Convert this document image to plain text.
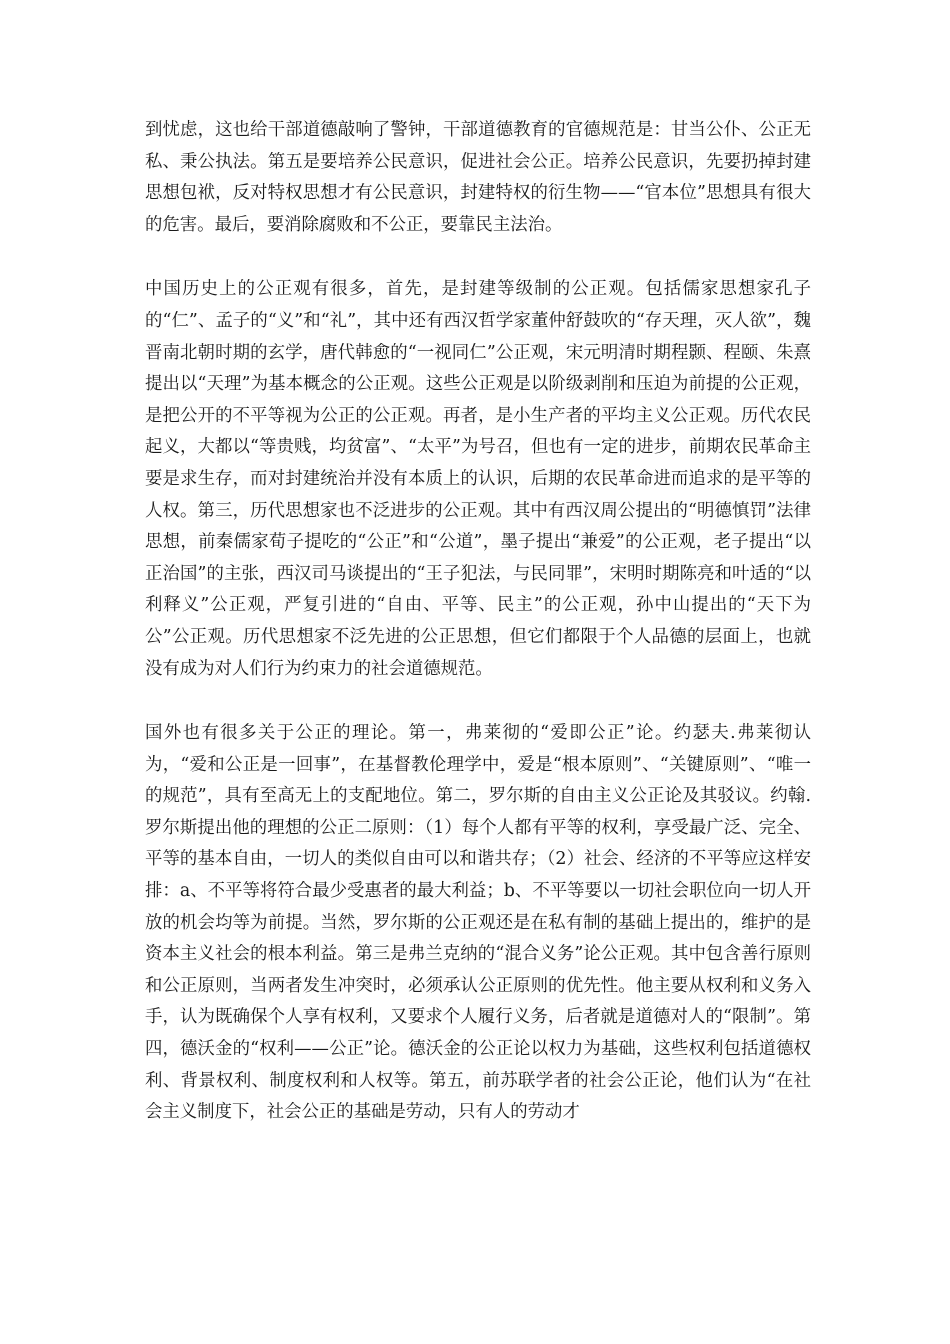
到忧虑，这也给干部道德敲响了警钟，干部道德教育的官德规范是：甘当公仆、公正无私、秉公执法。第五是要培养公民意识，促进社会公正。培养公民意识，先要扔掉封建思想包袱，反对特权思想才有公民意识，封建特权的衍生物——“官本位”思想具有很大的危害。最后，要消除腐败和不公正，要靠民主法治。

中国历史上的公正观有很多，首先，是封建等级制的公正观。包括儒家思想家孔子的“仁”、孟子的“义”和“礼”，其中还有西汉哲学家董仲舒鼓吹的“存天理，灭人欲”，魏晋南北朝时期的玄学，唐代韩愈的“一视同仁”公正观，宋元明清时期程颢、程颐、朱熹提出以“天理”为基本概念的公正观。这些公正观是以阶级剥削和压迫为前提的公正观，是把公开的不平等视为公正的公正观。再者，是小生产者的平均主义公正观。历代农民起义，大都以“等贵贱，均贫富”、“太平”为号召，但也有一定的进步，前期农民革命主要是求生存，而对封建统治并没有本质上的认识，后期的农民革命进而追求的是平等的人权。第三，历代思想家也不泛进步的公正观。其中有西汉周公提出的“明德慎罚”法律思想，前秦儒家荀子提吃的“公正”和“公道”，墨子提出“兼爱”的公正观，老子提出“以正治国”的主张，西汉司马谈提出的“王子犯法，与民同罪”，宋明时期陈亮和叶适的“以利释义”公正观，严复引进的“自由、平等、民主”的公正观，孙中山提出的“天下为公”公正观。历代思想家不泛先进的公正思想，但它们都限于个人品德的层面上，也就没有成为对人们行为约束力的社会道德规范。

国外也有很多关于公正的理论。第一，弗莱彻的“爱即公正”论。约瑟夫.弗莱彻认为，“爱和公正是一回事”，在基督教伦理学中，爱是“根本原则”、“关键原则”、“唯一的规范”，具有至高无上的支配地位。第二，罗尔斯的自由主义公正论及其驳议。约翰.罗尔斯提出他的理想的公正二原则：（1）每个人都有平等的权利，享受最广泛、完全、平等的基本自由，一切人的类似自由可以和谐共存；（2）社会、经济的不平等应这样安排：a、不平等将符合最少受惠者的最大利益；b、不平等要以一切社会职位向一切人开放的机会均等为前提。当然，罗尔斯的公正观还是在私有制的基础上提出的，维护的是资本主义社会的根本利益。第三是弗兰克纳的“混合义务”论公正观。其中包含善行原则和公正原则，当两者发生冲突时，必须承认公正原则的优先性。他主要从权利和义务入手，认为既确保个人享有权利，又要求个人履行义务，后者就是道德对人的“限制”。第四，德沃金的“权利——公正”论。德沃金的公正论以权力为基础，这些权利包括道德权利、背景权利、制度权利和人权等。第五，前苏联学者的社会公正论，他们认为“在社会主义制度下，社会公正的基础是劳动，只有人的劳动才
